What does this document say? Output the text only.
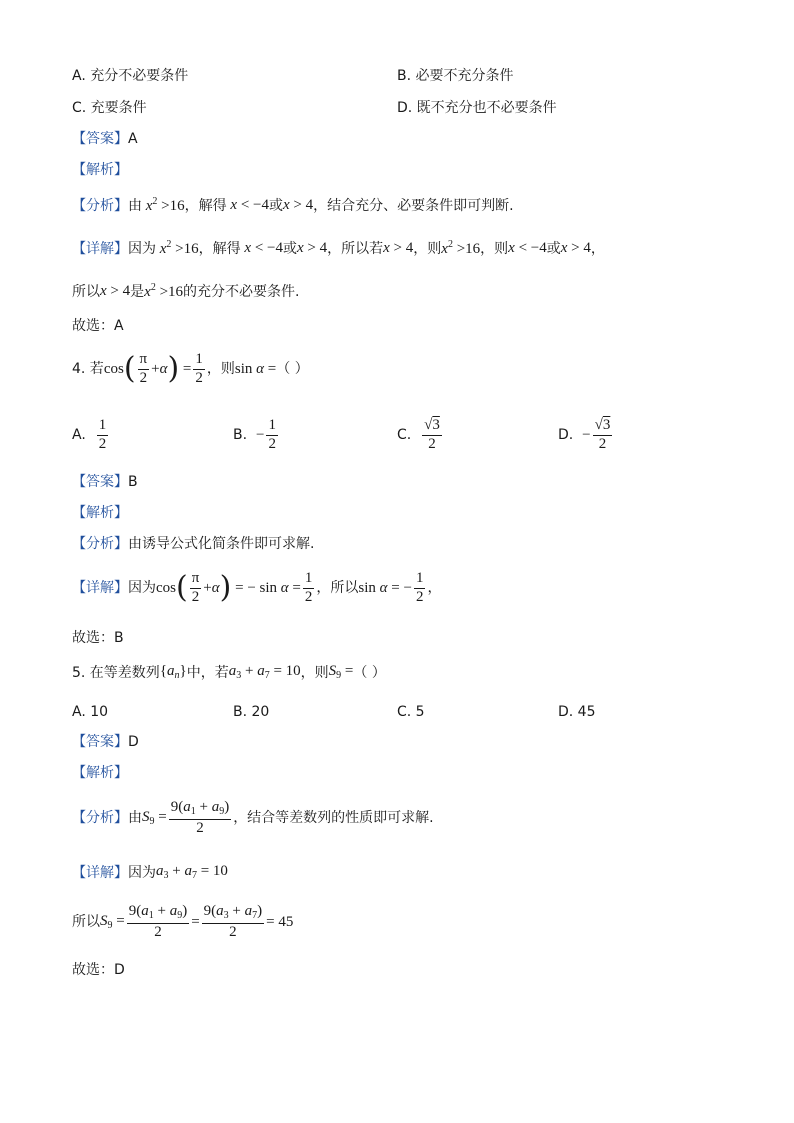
A. 充分不必要条件	B. 必要不充分条件
C. 充要条件	D. 既不充分也不必要条件
【答案】A
【解析】
【分析】 由 $x^2 >16$ ，解得 x < −4 或 x > 4 ，结合充分、必要条件即可判断.
【详解】 因为 $x^2 >16$ ，解得 x < −4 或 x > 4 ，所以若 x > 4 ，则 $x^2 >16$ ，则 x < −4 或 x > 4 ，
所以 x > 4 是 $x^2 >16$ 的充分不必要条件.
故选：A
4. 若 cos ( $\frac{\pi}{2} +\alpha$ ) = $\frac{1}{2}$ ，则 sin α = （ ）
A.
$\frac{1}{2}$	B.
− $\frac{1}{2}$	C.
$\frac{√3}{2}$	D.
− $\frac{√3}{2}$
【答案】B
【解析】
【分析】由诱导公式化简条件即可求解.
【详解】 因为 cos ( $\frac{\pi}{2} +\alpha$ ) = − $\sin \alpha = \frac{1}{2}$ ，所以 sin α = − $\frac{1}{2}$ ，
故选：B
5. 在等差数列 $\{a_n\}$ 中，若 $a_3 + a_7 = 10$ ，则 $S_9$ = （ ）
A. 10	B. 20	C. 5	D. 45
【答案】D
【解析】
【分析】 由 $S_9 = \frac{9(a_1 + a_9)}{2}$ ，结合等差数列的性质即可求解.
【详解】 因为 $a_3 + a_7 = 10$
所以 $S_9 = \frac{9(a_1 + a_9)}{2} = \frac{9(a_3 + a_7)}{2} = 45$
故选：D
